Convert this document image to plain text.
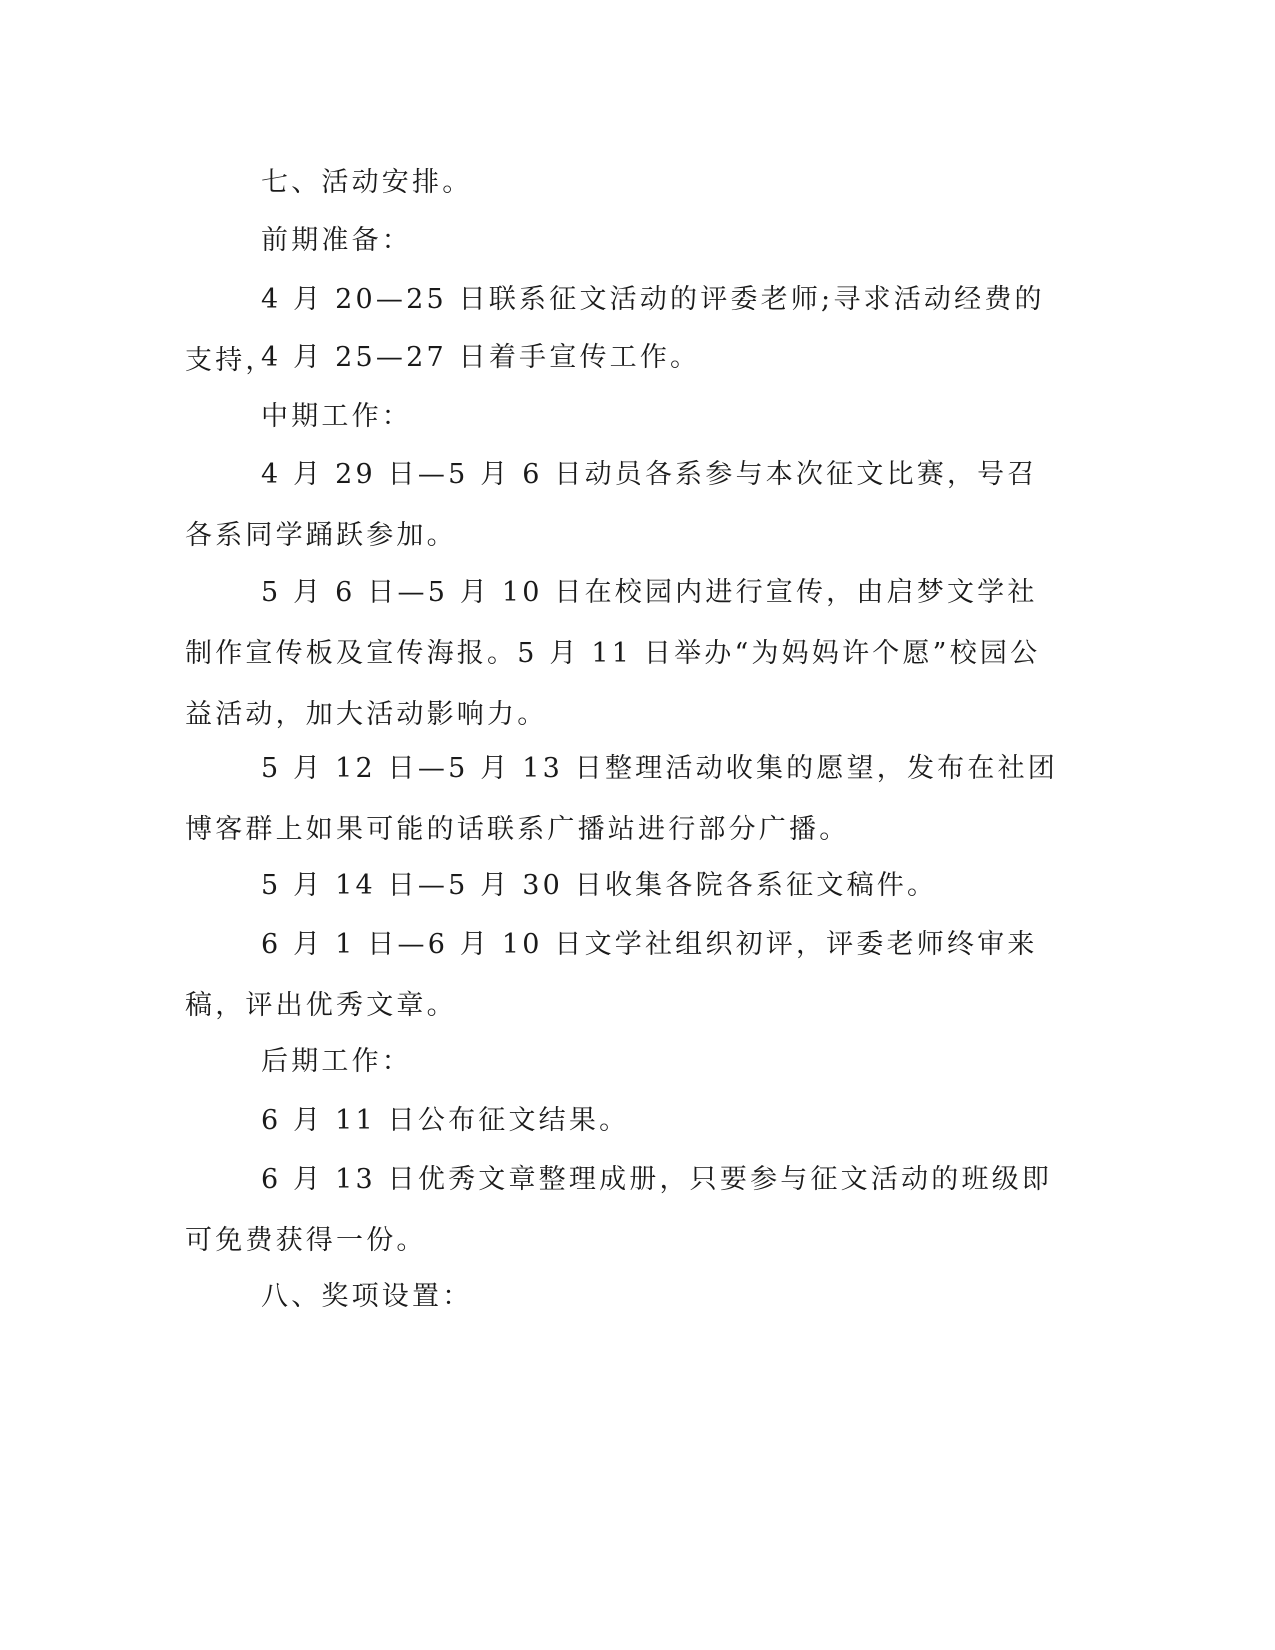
七、活动安排。

前期准备：

4 月 20—25 日联系征文活动的评委老师;寻求活动经费的支持，

4 月 25—27 日着手宣传工作。

中期工作：

4 月 29 日—5 月 6 日动员各系参与本次征文比赛，号召各系同学踊跃参加。

5 月 6 日—5 月 10 日在校园内进行宣传，由启梦文学社制作宣传板及宣传海报。5 月 11 日举办“为妈妈许个愿”校园公益活动，加大活动影响力。

5 月 12 日—5 月 13 日整理活动收集的愿望，发布在社团博客群上如果可能的话联系广播站进行部分广播。

5 月 14 日—5 月 30 日收集各院各系征文稿件。

6 月 1 日—6 月 10 日文学社组织初评，评委老师终审来稿，评出优秀文章。

后期工作：

6 月 11 日公布征文结果。

6 月 13 日优秀文章整理成册，只要参与征文活动的班级即可免费获得一份。

八、奖项设置：
